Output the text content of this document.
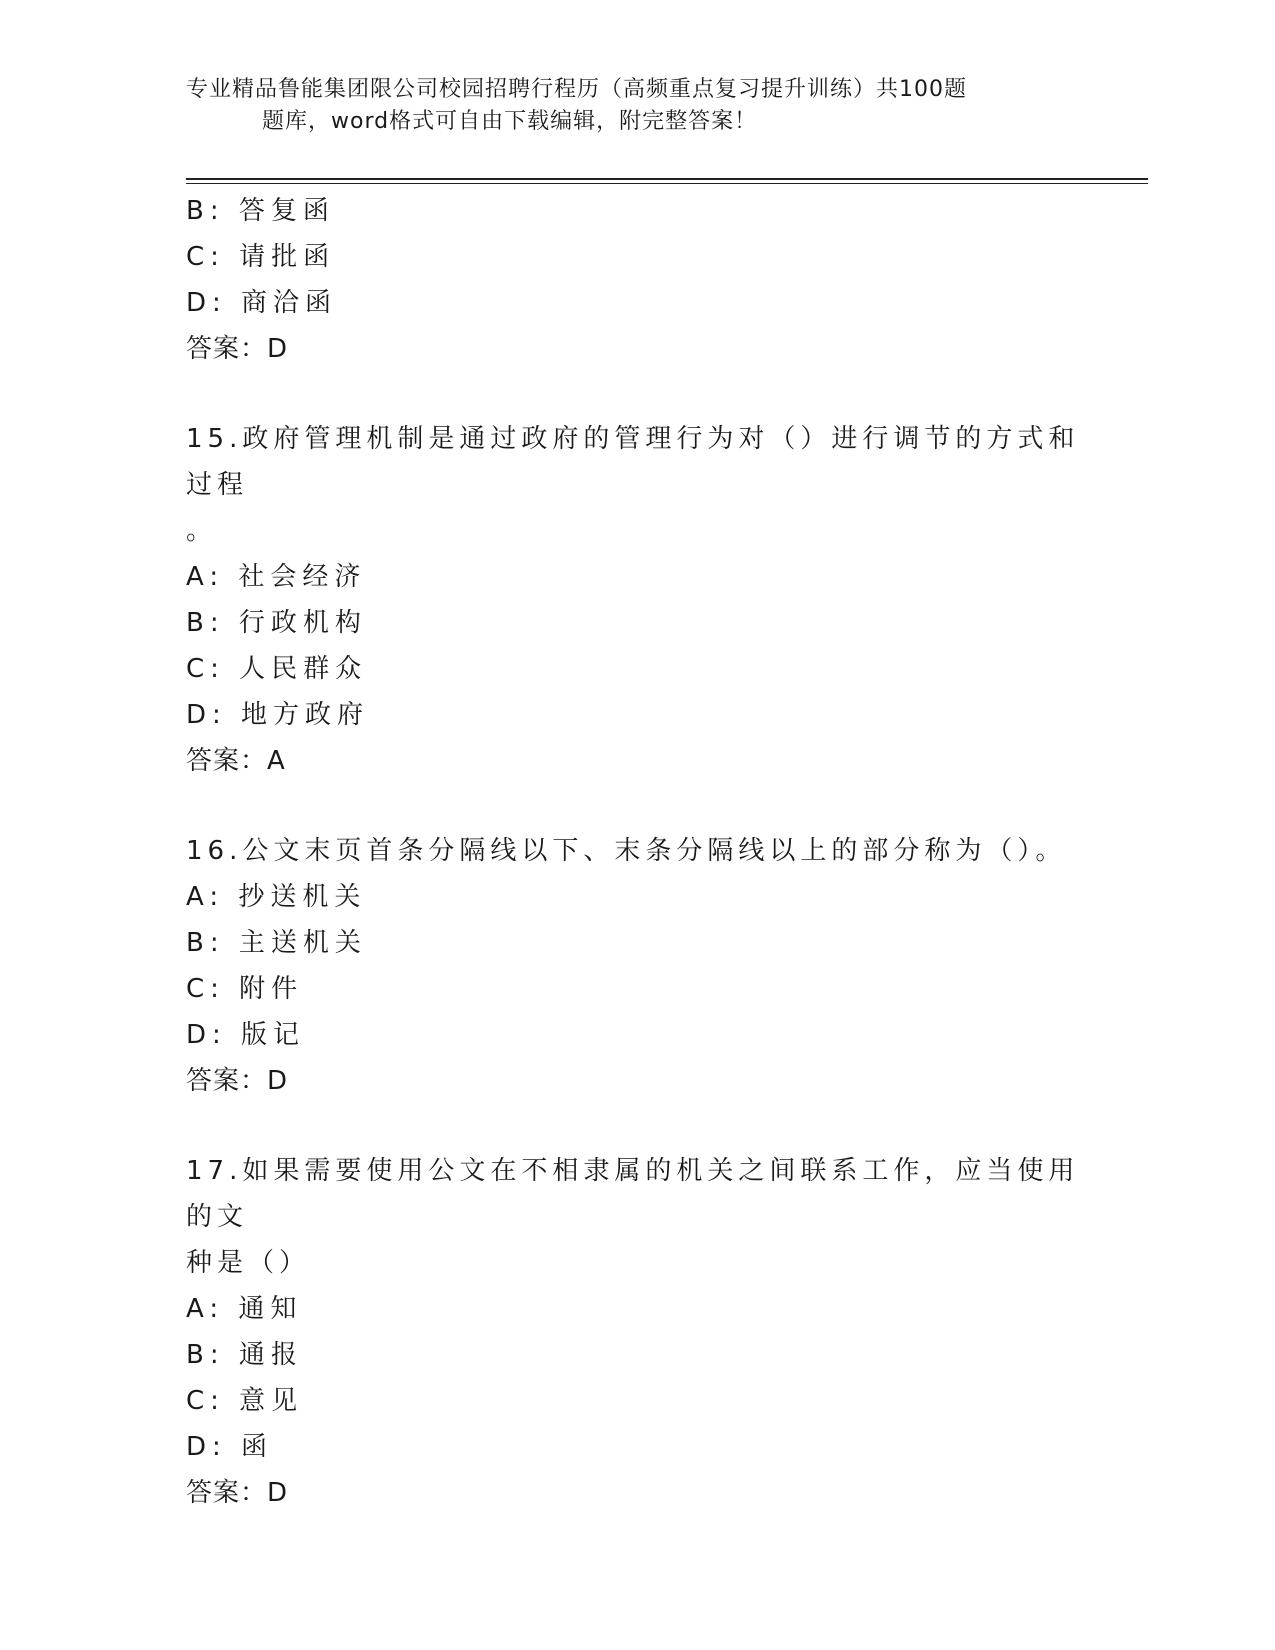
专业精品鲁能集团限公司校园招聘行程历（高频重点复习提升训练）共100题
题库，word格式可自由下载编辑，附完整答案！
B: 答复函
C: 请批函
D: 商洽函
答案：D
15.政府管理机制是通过政府的管理行为对（）进行调节的方式和过程
。
A: 社会经济
B: 行政机构
C: 人民群众
D: 地方政府
答案：A
16.公文末页首条分隔线以下、末条分隔线以上的部分称为（）。
A: 抄送机关
B: 主送机关
C: 附件
D: 版记
答案：D
17.如果需要使用公文在不相隶属的机关之间联系工作，应当使用的文
种是（）
A: 通知
B: 通报
C: 意见
D: 函
答案：D
